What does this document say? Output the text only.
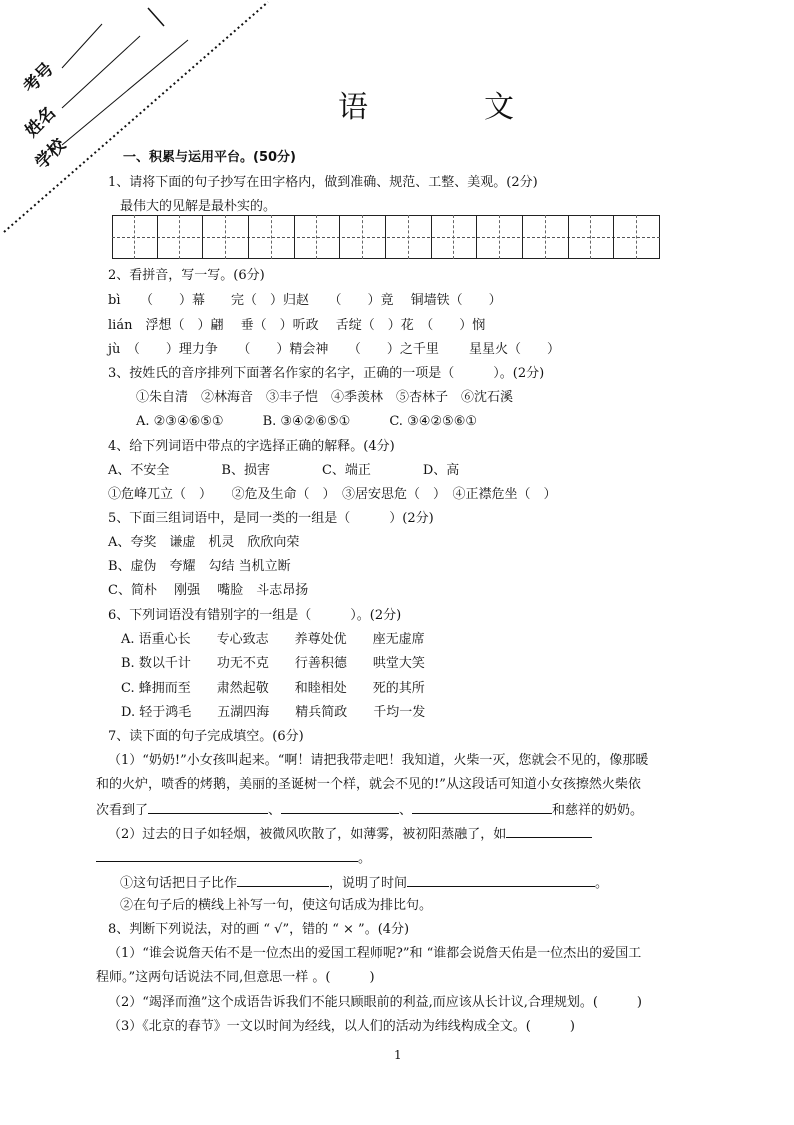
考号
姓名
学校
语	文
一、积累与运用平台。(50分)
1、请将下面的句子抄写在田字格内，做到准确、规范、工整、美观。(2分)
最伟大的见解是最朴实的。
2、看拼音，写一写。(6分)
bì　　（　　）幕　　完（　）归赵　　（　　）竟　 铜墙铁（　　）
lián　浮想（　）翩　 垂（　）听政　 舌绽（　）花　（　　）悯
jù　（　　）理力争　　（　　）精会神　　（　　）之千里　　 星星火（　　）
3、按姓氏的音序排列下面著名作家的名字，正确的一项是（　　　）。(2分)
①朱自清　②林海音　③丰子恺　④季羡林　⑤杏林子　⑥沈石溪
A. ②③④⑥⑤①　　　B. ③④②⑥⑤①　　　C. ③④②⑤⑥①
4、给下列词语中带点的字选择正确的解释。(4分)
A、不安全　　　　B、损害　　　　C、端正　　　　D、高
①危峰兀立（　）　　②危及生命（　）　③居安思危（　）　④正襟危坐（　）
5、下面三组词语中，是同一类的一组是（　　　）(2分)
A、夸奖　谦虚　机灵　欣欣向荣
B、虚伪　夸耀　勾结 当机立断
C、简朴　 刚强　 嘴脸　斗志昂扬
6、下列词语没有错别字的一组是（　　　）。(2分)
A. 语重心长　　专心致志　　养尊处优　　座无虚席
B. 数以千计　　功无不克　　行善积德　　哄堂大笑
C. 蜂拥而至　　肃然起敬　　和睦相处　　死的其所
D. 轻于鸿毛　　五湖四海　　精兵简政　　千均一发
7、读下面的句子完成填空。(6分)
（1）“奶奶!”小女孩叫起来。“啊！请把我带走吧！我知道，火柴一灭，您就会不见的，像那暖
和的火炉，喷香的烤鹅，美丽的圣诞树一个样，就会不见的!”从这段话可知道小女孩擦然火柴依
次看到了	、	、	和慈祥的奶奶。
（2）过去的日子如轻烟，被微风吹散了，如薄雾，被初阳蒸融了，如
。
①这句话把日子比作	，说明了时间	。
②在句子后的横线上补写一句，使这句话成为排比句。
8、判断下列说法，对的画 “ √”，错的 “ × ”。(4分)
（1）“谁会说詹天佑不是一位杰出的爱国工程师呢?”和 “谁都会说詹天佑是一位杰出的爱国工
程师。”这两句话说法不同,但意思一样 。(　　　)
（2）“竭泽而渔”这个成语告诉我们不能只顾眼前的利益,而应该从长计议,合理规划。(　　　)
（3）《北京的春节》一文以时间为经线，以人们的活动为纬线构成全文。(　　　)
1
